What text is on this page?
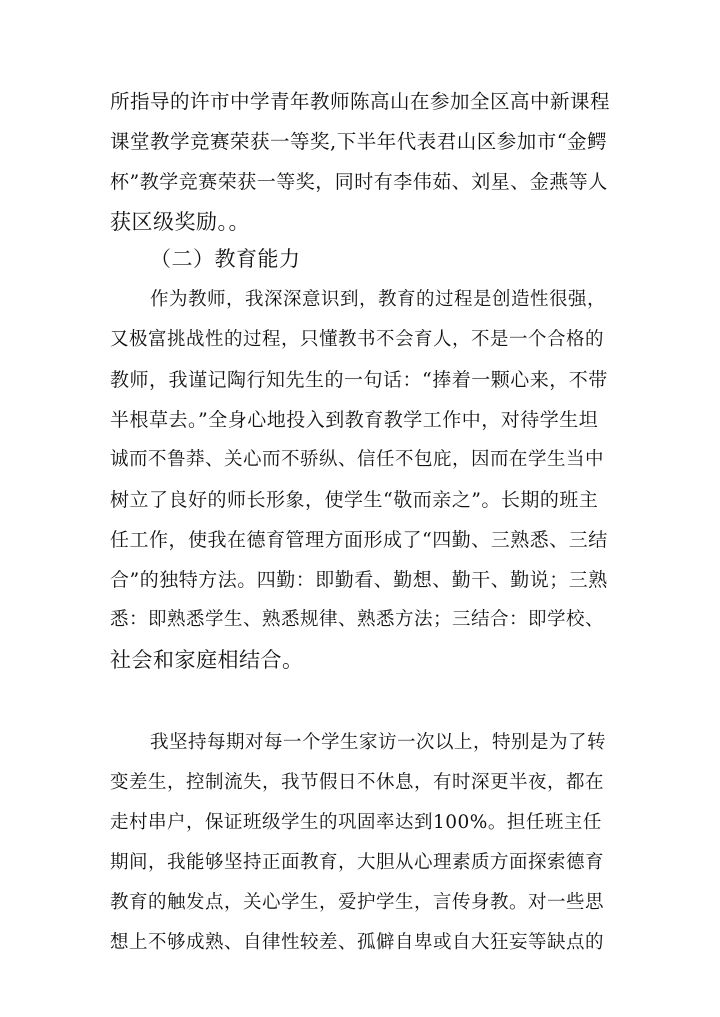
所指导的许市中学青年教师陈高山在参加全区高中新课程
课堂教学竞赛荣获一等奖,下半年代表君山区参加市“金鳄
杯”教学竞赛荣获一等奖，同时有李伟茹、刘星、金燕等人
获区级奖励。。
（二）教育能力
作为教师，我深深意识到，教育的过程是创造性很强，
又极富挑战性的过程，只懂教书不会育人，不是一个合格的
教师，我谨记陶行知先生的一句话：“捧着一颗心来，不带
半根草去。”全身心地投入到教育教学工作中，对待学生坦
诚而不鲁莽、关心而不骄纵、信任不包庇，因而在学生当中
树立了良好的师长形象，使学生“敬而亲之”。长期的班主
任工作，使我在德育管理方面形成了“四勤、三熟悉、三结
合”的独特方法。四勤：即勤看、勤想、勤干、勤说；三熟
悉：即熟悉学生、熟悉规律、熟悉方法；三结合：即学校、
社会和家庭相结合。
我坚持每期对每一个学生家访一次以上，特别是为了转
变差生，控制流失，我节假日不休息，有时深更半夜，都在
走村串户，保证班级学生的巩固率达到100%。担任班主任
期间，我能够坚持正面教育，大胆从心理素质方面探索德育
教育的触发点，关心学生，爱护学生，言传身教。对一些思
想上不够成熟、自律性较差、孤僻自卑或自大狂妄等缺点的
